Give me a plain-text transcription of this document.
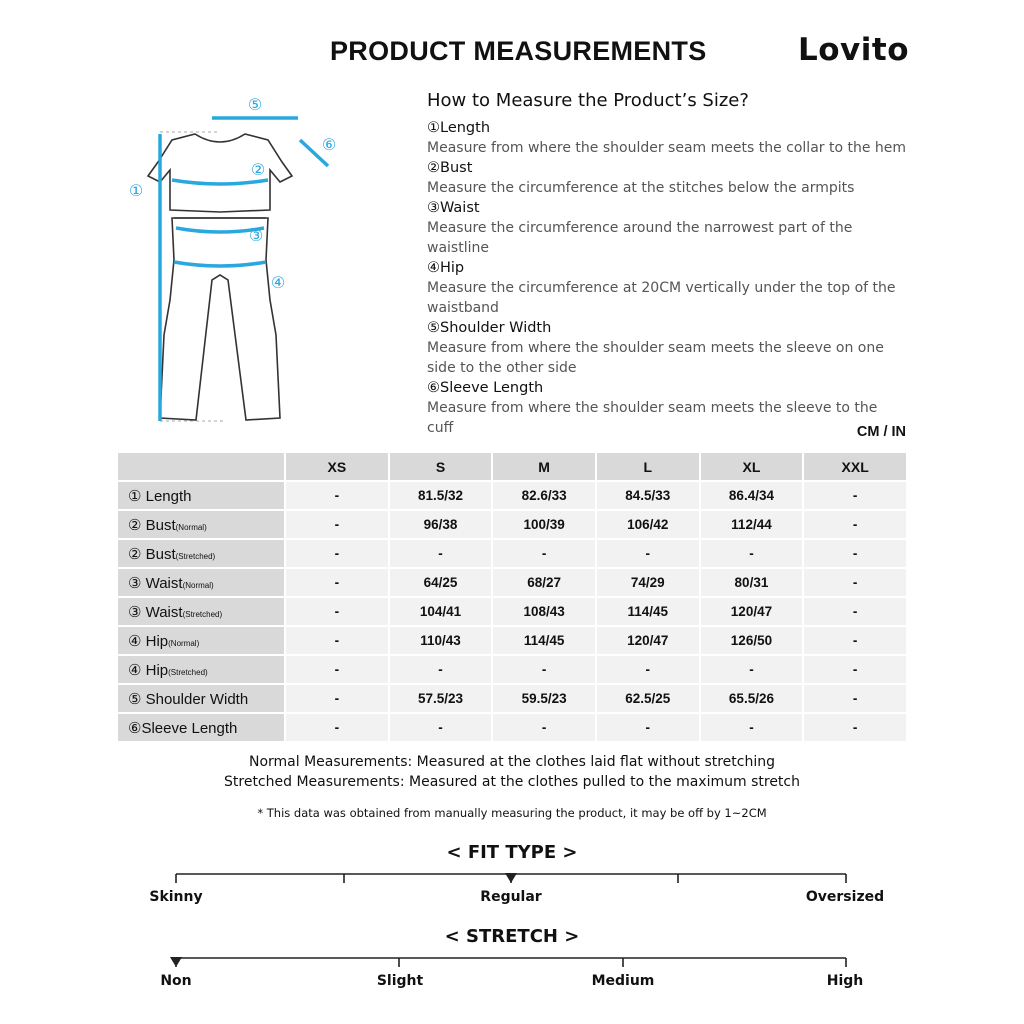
PRODUCT MEASUREMENTS	Lovito
①
②
③
④
⑤
⑥
How to Measure the Product’s Size?
①Length
Measure from where the shoulder seam meets the collar to the hem
②Bust
Measure the circumference at the stitches below the armpits
③Waist
Measure the circumference around the narrowest part of the waistline
④Hip
Measure the circumference at 20CM vertically under the top of the waistband
⑤Shoulder Width
Measure from where the shoulder seam meets the sleeve on one side to the other side
⑥Sleeve Length
Measure from where the shoulder seam meets the sleeve to the cuff	CM / IN
	XS	S	M	L	XL	XXL
① Length	-	81.5/32	82.6/33	84.5/33	86.4/34	-
② Bust(Normal)	-	96/38	100/39	106/42	112/44	-
② Bust(Stretched)	-	-	-	-	-	-
③ Waist(Normal)	-	64/25	68/27	74/29	80/31	-
③ Waist(Stretched)	-	104/41	108/43	114/45	120/47	-
④ Hip(Normal)	-	110/43	114/45	120/47	126/50	-
④ Hip(Stretched)	-	-	-	-	-	-
⑤ Shoulder Width	-	57.5/23	59.5/23	62.5/25	65.5/26	-
⑥Sleeve Length	-	-	-	-	-	-
Normal Measurements: Measured at the clothes laid flat without stretching
Stretched Measurements: Measured at the clothes pulled to the maximum stretch
* This data was obtained from manually measuring the product, it may be off by 1~2CM
< FIT TYPE >
Skinny	Regular	Oversized
< STRETCH >
Non	Slight	Medium	High
